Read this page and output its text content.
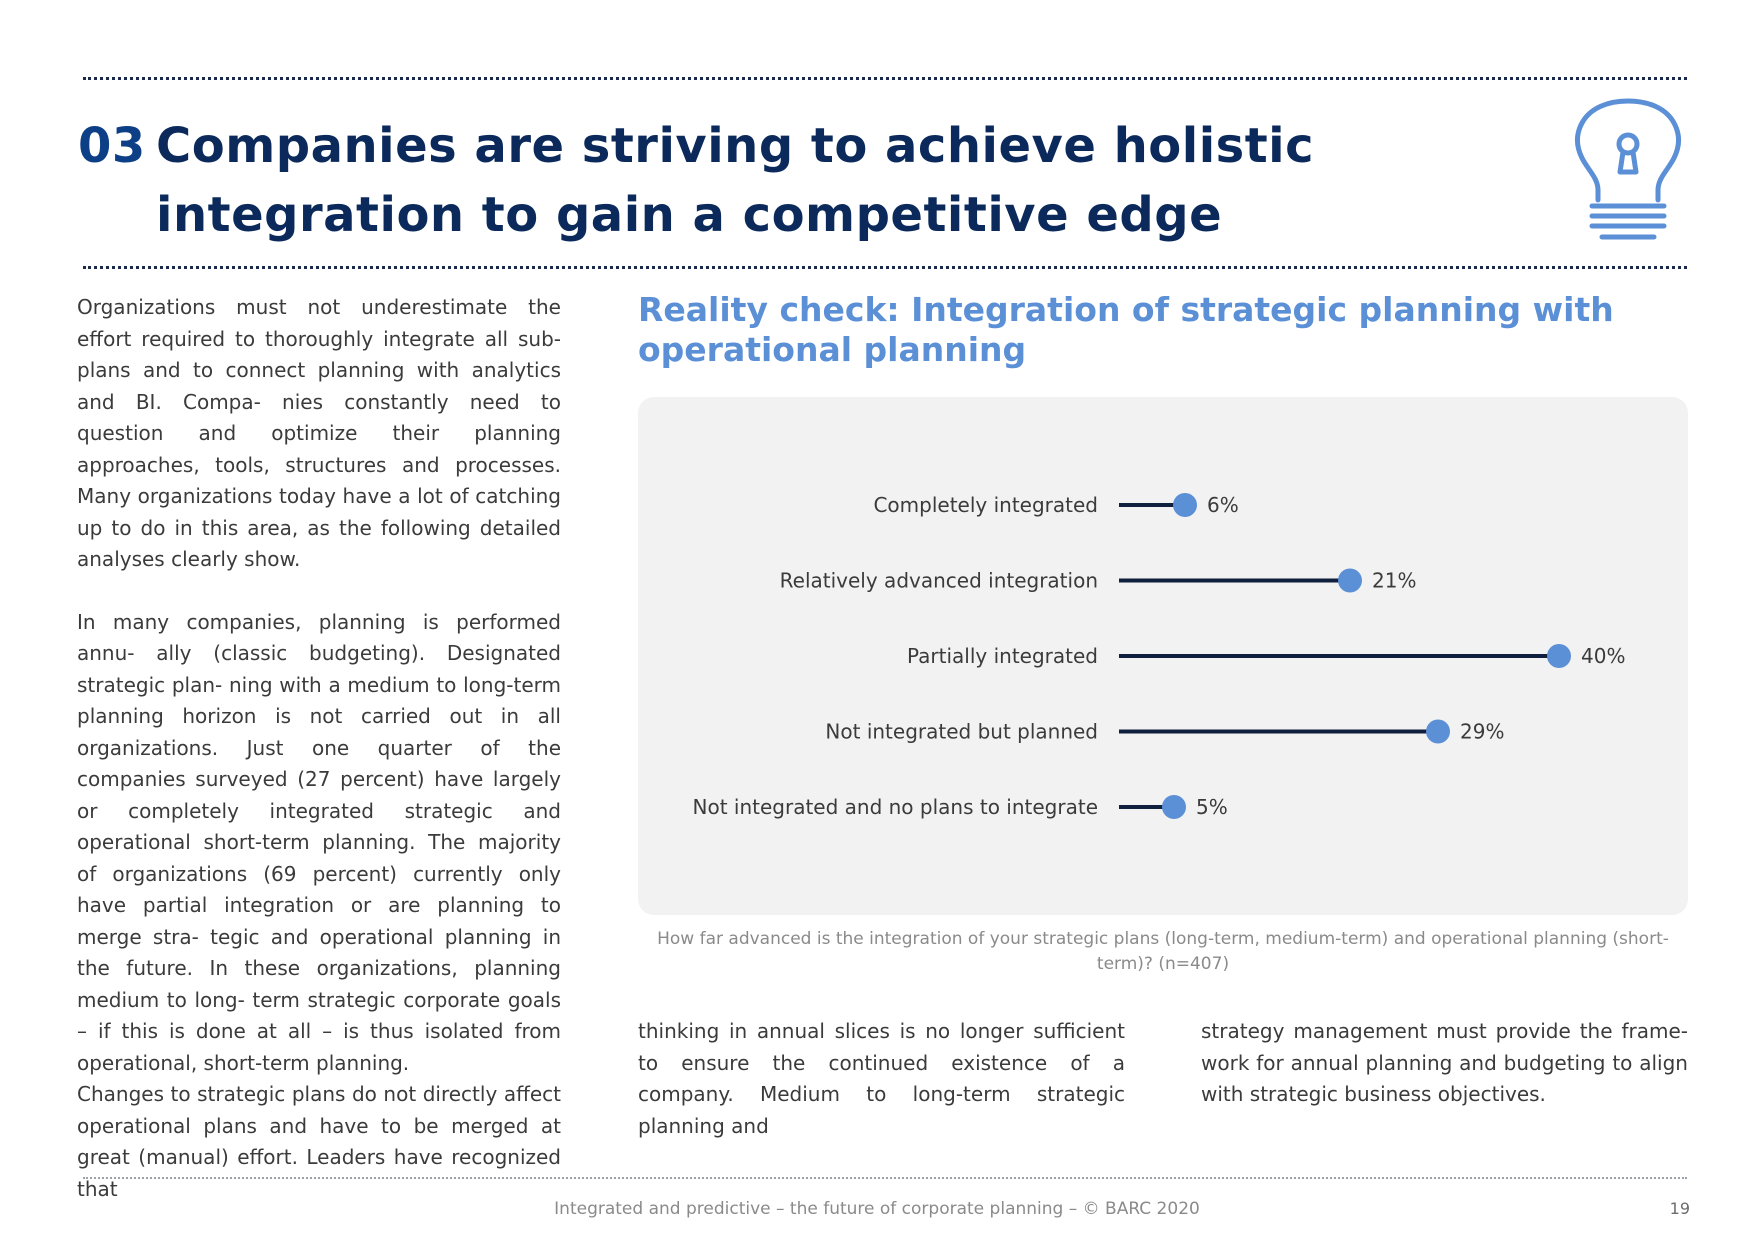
03 Companies are striving to achieve holistic
integration to gain a competitive edge

Organizations must not underestimate the effort required to thoroughly integrate all sub-plans and to connect planning with analytics and BI. Compa- nies constantly need to question and optimize their planning approaches, tools, structures and processes. Many organizations today have a lot of catching up to do in this area, as the following detailed analyses clearly show.

In many companies, planning is performed annu- ally (classic budgeting). Designated strategic plan- ning with a medium to long-term planning horizon is not carried out in all organizations. Just one quarter of the companies surveyed (27 percent) have largely or completely integrated strategic and operational short-term planning. The majority of organizations (69 percent) currently only have partial integration or are planning to merge stra- tegic and operational planning in the future. In these organizations, planning medium to long- term strategic corporate goals – if this is done at all – is thus isolated from operational, short-term planning.

Changes to strategic plans do not directly affect operational plans and have to be merged at great (manual) effort. Leaders have recognized that

Reality check: Integration of strategic planning with operational planning
Completely integrated	6%
Relatively advanced integration	21%
Partially integrated	40%
Not integrated but planned	29%
Not integrated and no plans to integrate	5%
How far advanced is the integration of your strategic plans (long-term, medium-term) and operational planning (short- term)? (n=407)
thinking in annual slices is no longer sufficient to ensure the continued existence of a company. Medium to long-term strategic planning and
strategy management must provide the frame- work for annual planning and budgeting to align with strategic business objectives.
Integrated and predictive – the future of corporate planning – © BARC 2020	19
